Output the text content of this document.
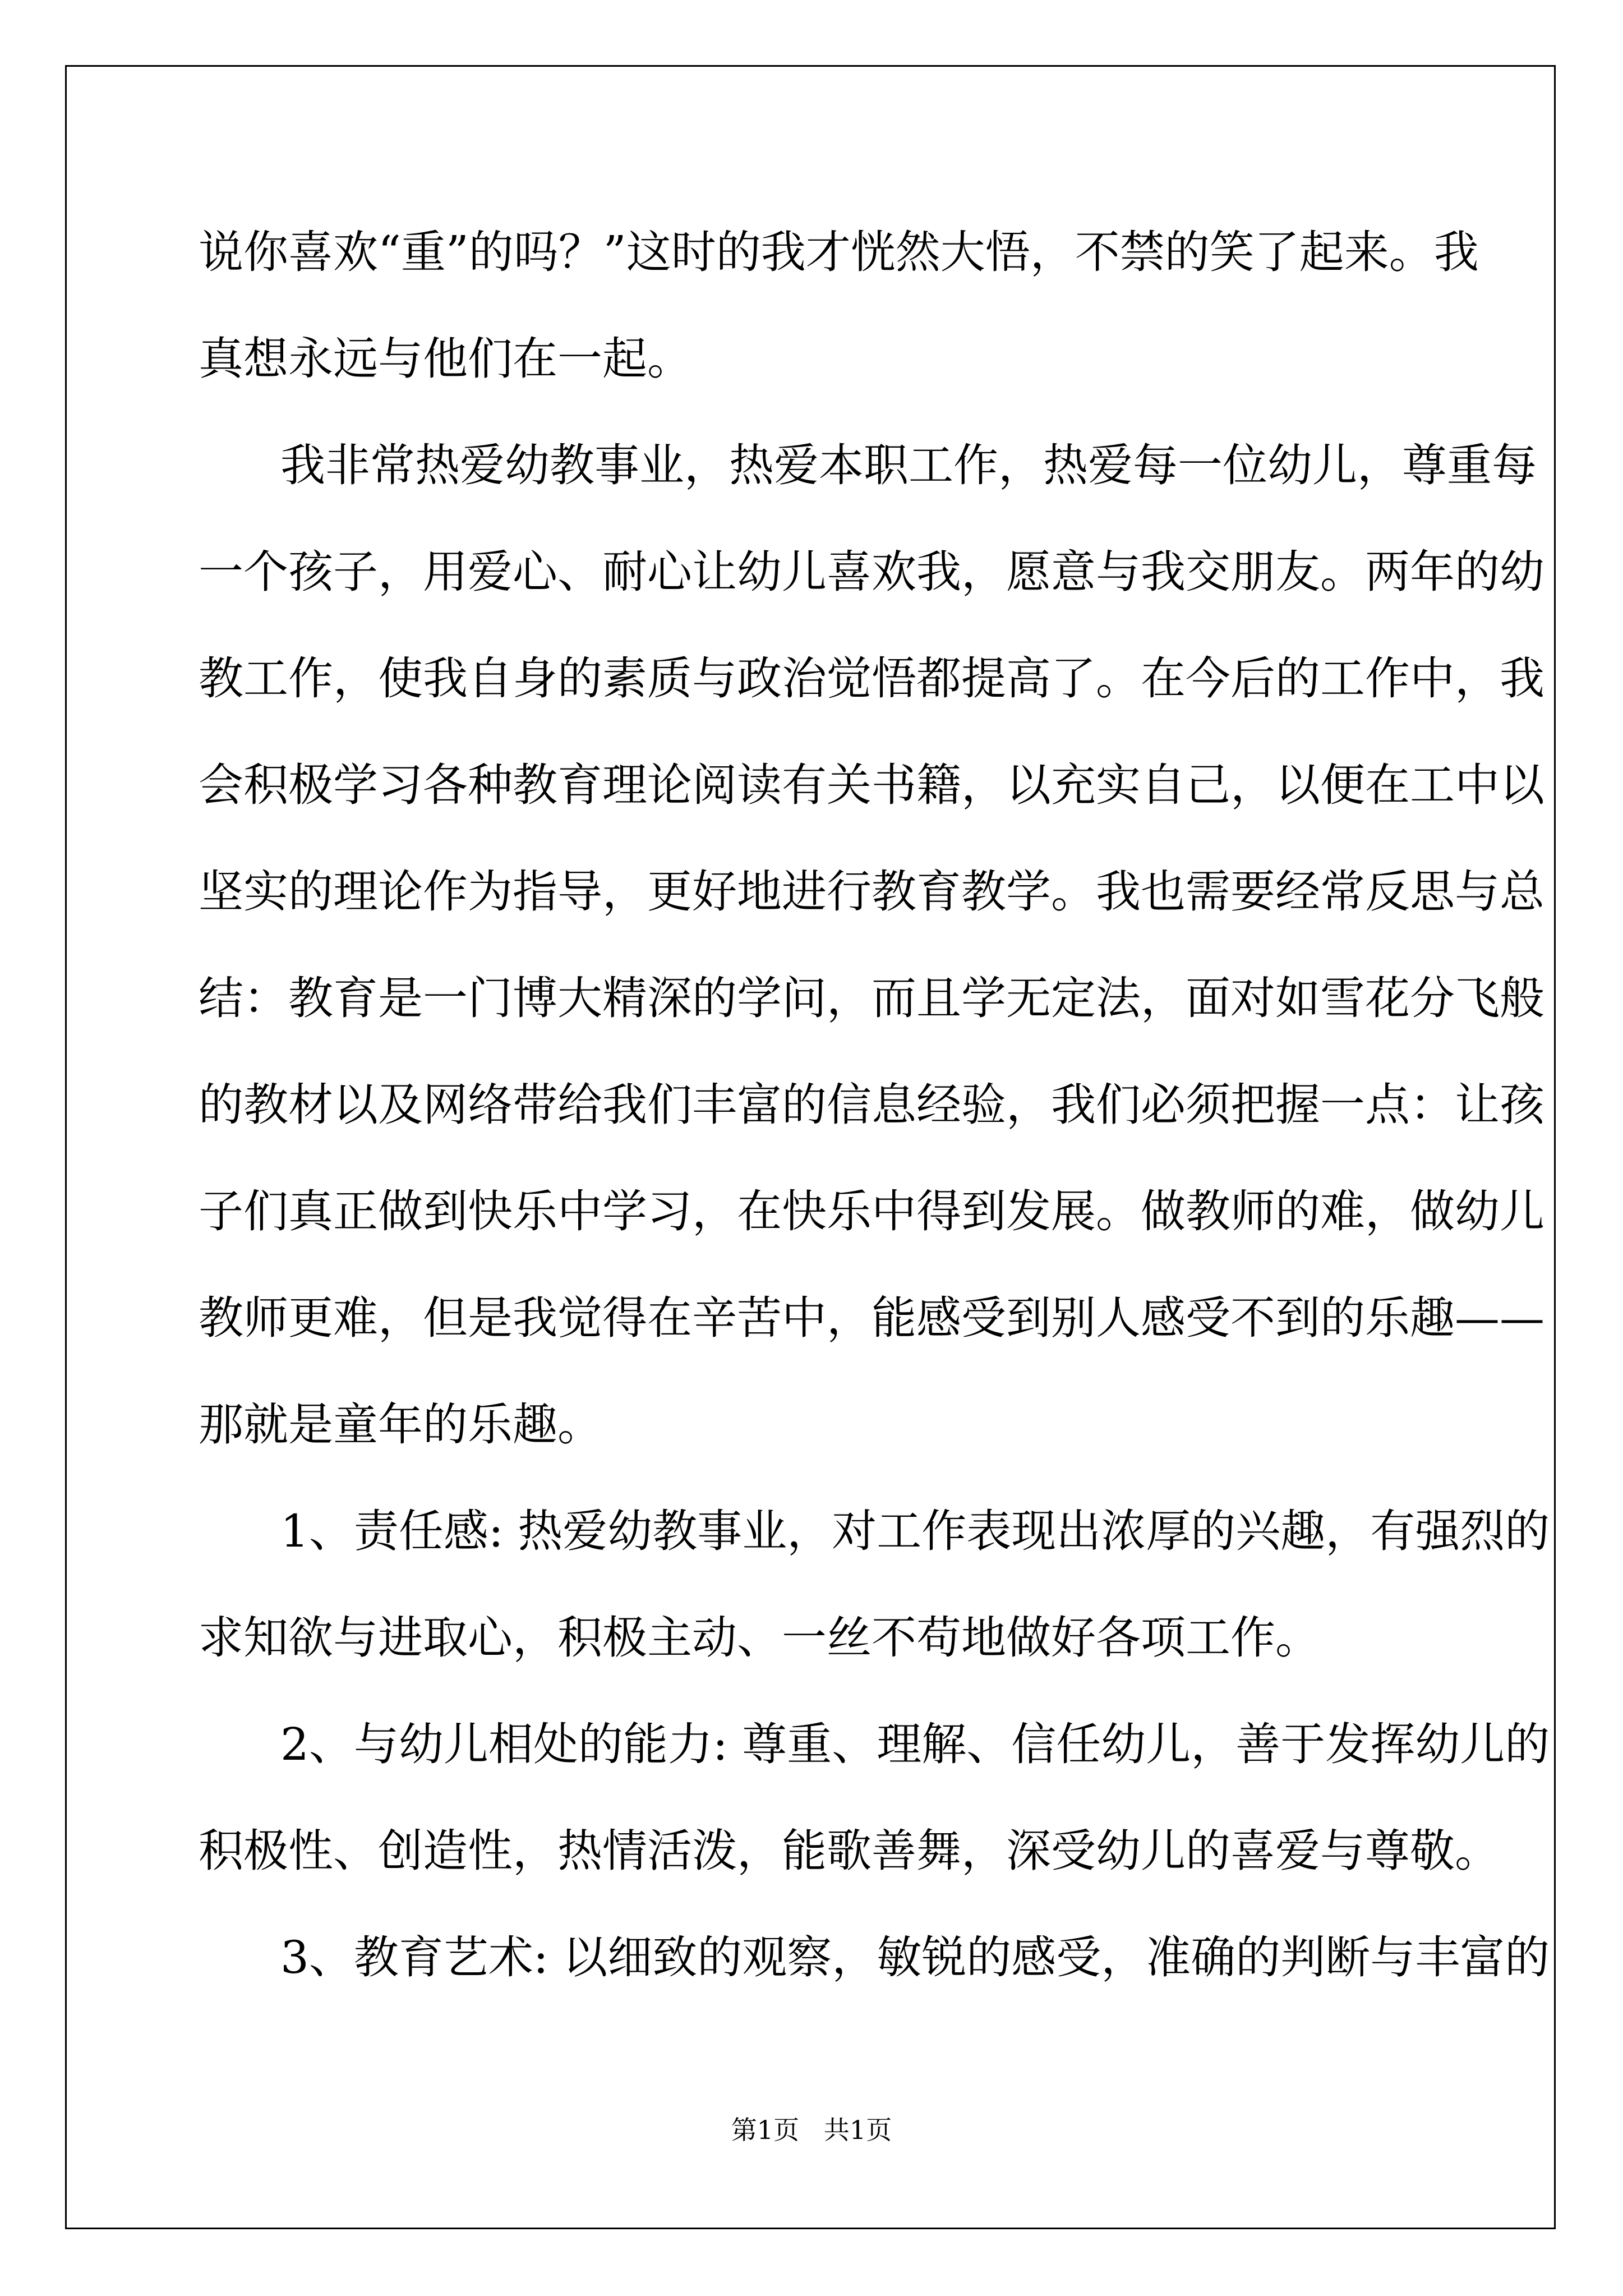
说你喜欢“重”的吗？”这时的我才恍然大悟，不禁的笑了起来。我
真想永远与他们在一起。
我非常热爱幼教事业，热爱本职工作，热爱每一位幼儿，尊重每
一个孩子，用爱心、耐心让幼儿喜欢我，愿意与我交朋友。两年的幼
教工作，使我自身的素质与政治觉悟都提高了。在今后的工作中，我
会积极学习各种教育理论阅读有关书籍，以充实自己，以便在工中以
坚实的理论作为指导，更好地进行教育教学。我也需要经常反思与总
结：教育是一门博大精深的学问，而且学无定法，面对如雪花分飞般
的教材以及网络带给我们丰富的信息经验，我们必须把握一点：让孩
子们真正做到快乐中学习，在快乐中得到发展。做教师的难，做幼儿
教师更难，但是我觉得在辛苦中，能感受到别人感受不到的乐趣——
那就是童年的乐趣。
1、责任感: 热爱幼教事业，对工作表现出浓厚的兴趣，有强烈的
求知欲与进取心，积极主动、一丝不苟地做好各项工作。
2、与幼儿相处的能力: 尊重、理解、信任幼儿，善于发挥幼儿的
积极性、创造性，热情活泼，能歌善舞，深受幼儿的喜爱与尊敬。
3、教育艺术: 以细致的观察，敏锐的感受，准确的判断与丰富的
第1页   共1页
